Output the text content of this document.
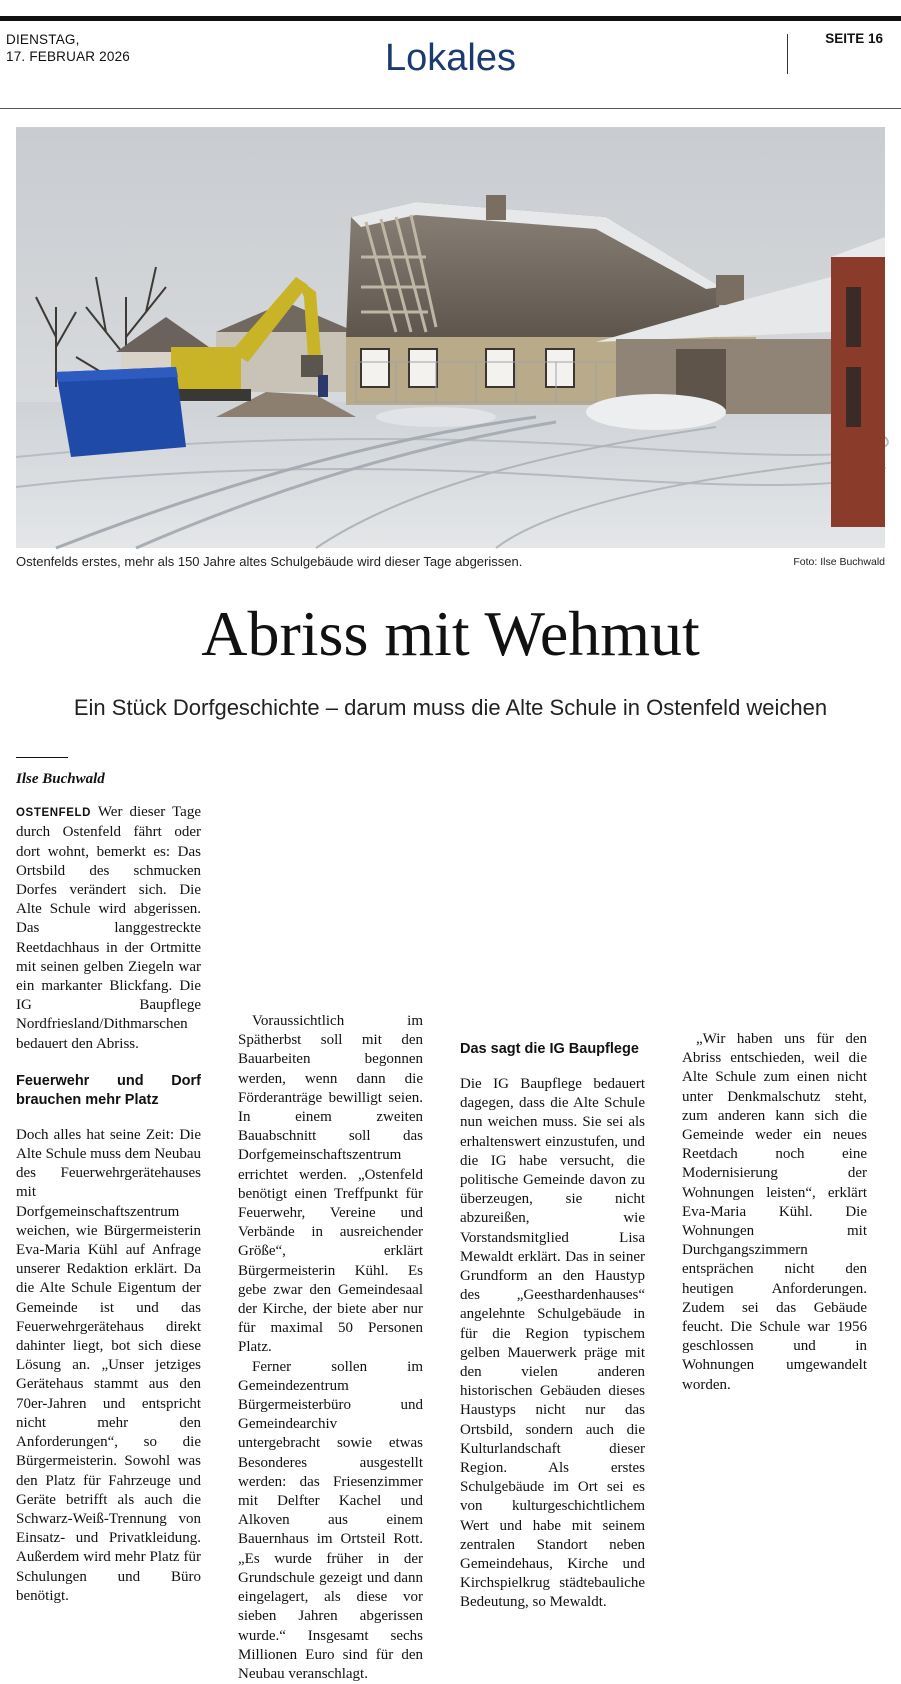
DIENSTAG,
17. FEBRUAR 2026	Lokales	SEITE 16
Ostenfelds erstes, mehr als 150 Jahre altes Schulgebäude wird dieser Tage abgerissen.	Foto: Ilse Buchwald
Abriss mit Wehmut
Ein Stück Dorfgeschichte – darum muss die Alte Schule in Ostenfeld weichen

Ilse Buchwald

OSTENFELD Wer dieser Tage durch Ostenfeld fährt oder dort wohnt, bemerkt es: Das Ortsbild des schmucken Dorfes verändert sich. Die Alte Schule wird abgerissen. Das langgestreckte Reetdachhaus in der Ortmitte mit seinen gelben Ziegeln war ein markanter Blickfang. Die IG Baupflege Nordfriesland/Dithmarschen bedauert den Abriss.

Feuerwehr und Dorf brauchen mehr Platz

Doch alles hat seine Zeit: Die Alte Schule muss dem Neubau des Feuerwehrgerätehauses mit Dorfgemeinschaftszentrum weichen, wie Bürgermeisterin Eva-Maria Kühl auf Anfrage unserer Redaktion erklärt. Da die Alte Schule Eigentum der Gemeinde ist und das Feuerwehrgerätehaus direkt dahinter liegt, bot sich diese Lösung an. „Unser jetziges Gerätehaus stammt aus den 70er-Jahren und entspricht nicht mehr den Anforderungen“, so die Bürgermeisterin. Sowohl was den Platz für Fahrzeuge und Geräte betrifft als auch die Schwarz-Weiß-Trennung von Einsatz- und Privatkleidung. Außerdem wird mehr Platz für Schulungen und Büro benötigt.

Voraussichtlich im Spätherbst soll mit den Bauarbeiten begonnen werden, wenn dann die Förderanträge bewilligt seien. In einem zweiten Bauabschnitt soll das Dorfgemeinschaftszentrum errichtet werden. „Ostenfeld benötigt einen Treffpunkt für Feuerwehr, Vereine und Verbände in ausreichender Größe“, erklärt Bürgermeisterin Kühl. Es gebe zwar den Gemeindesaal der Kirche, der biete aber nur für maximal 50 Personen Platz.

Ferner sollen im Gemeindezentrum Bürgermeisterbüro und Gemeindearchiv untergebracht sowie etwas Besonderes ausgestellt werden: das Friesenzimmer mit Delfter Kachel und Alkoven aus einem Bauernhaus im Ortsteil Rott. „Es wurde früher in der Grundschule gezeigt und dann eingelagert, als diese vor sieben Jahren abgerissen wurde.“ Insgesamt sechs Millionen Euro sind für den Neubau veranschlagt.

Das sagt die IG Baupflege

Die IG Baupflege bedauert dagegen, dass die Alte Schule nun weichen muss. Sie sei als erhaltenswert einzustufen, und die IG habe versucht, die politische Gemeinde davon zu überzeugen, sie nicht abzureißen, wie Vorstandsmitglied Lisa Mewaldt erklärt. Das in seiner Grundform an den Haustyp des „Geesthardenhauses“ angelehnte Schulgebäude in für die Region typischem gelben Mauerwerk präge mit den vielen anderen historischen Gebäuden dieses Haustyps nicht nur das Ortsbild, sondern auch die Kulturlandschaft dieser Region. Als erstes Schulgebäude im Ort sei es von kulturgeschichtlichem Wert und habe mit seinem zentralen Standort neben Gemeindehaus, Kirche und Kirchspielkrug städtebauliche Bedeutung, so Mewaldt.

„Wir haben uns für den Abriss entschieden, weil die Alte Schule zum einen nicht unter Denkmalschutz steht, zum anderen kann sich die Gemeinde weder ein neues Reetdach noch eine Modernisierung der Wohnungen leisten“, erklärt Eva-Maria Kühl. Die Wohnungen mit Durchgangszimmern entsprächen nicht den heutigen Anforderungen. Zudem sei das Gebäude feucht. Die Schule war 1956 geschlossen und in Wohnungen umgewandelt worden.
